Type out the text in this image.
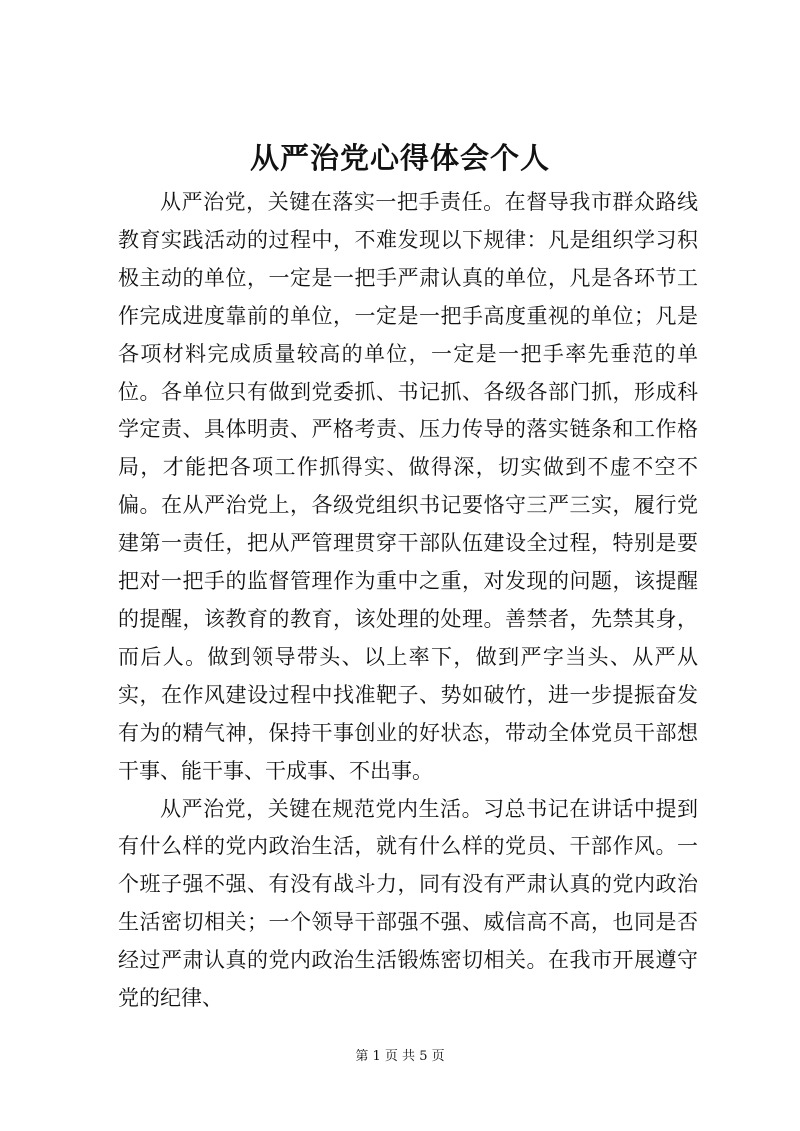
从严治党心得体会个人

从严治党，关键在落实一把手责任。在督导我市群众路线教育实践活动的过程中，不难发现以下规律：凡是组织学习积极主动的单位，一定是一把手严肃认真的单位，凡是各环节工作完成进度靠前的单位，一定是一把手高度重视的单位；凡是各项材料完成质量较高的单位，一定是一把手率先垂范的单位。各单位只有做到党委抓、书记抓、各级各部门抓，形成科学定责、具体明责、严格考责、压力传导的落实链条和工作格局，才能把各项工作抓得实、做得深，切实做到不虚不空不偏。在从严治党上，各级党组织书记要恪守三严三实，履行党建第一责任，把从严管理贯穿干部队伍建设全过程，特别是要把对一把手的监督管理作为重中之重，对发现的问题，该提醒的提醒，该教育的教育，该处理的处理。善禁者，先禁其身，而后人。做到领导带头、以上率下，做到严字当头、从严从实，在作风建设过程中找准靶子、势如破竹，进一步提振奋发有为的精气神，保持干事创业的好状态，带动全体党员干部想干事、能干事、干成事、不出事。

从严治党，关键在规范党内生活。习总书记在讲话中提到有什么样的党内政治生活，就有什么样的党员、干部作风。一个班子强不强、有没有战斗力，同有没有严肃认真的党内政治生活密切相关；一个领导干部强不强、威信高不高，也同是否经过严肃认真的党内政治生活锻炼密切相关。在我市开展遵守党的纪律、

第 1 页 共 5 页
